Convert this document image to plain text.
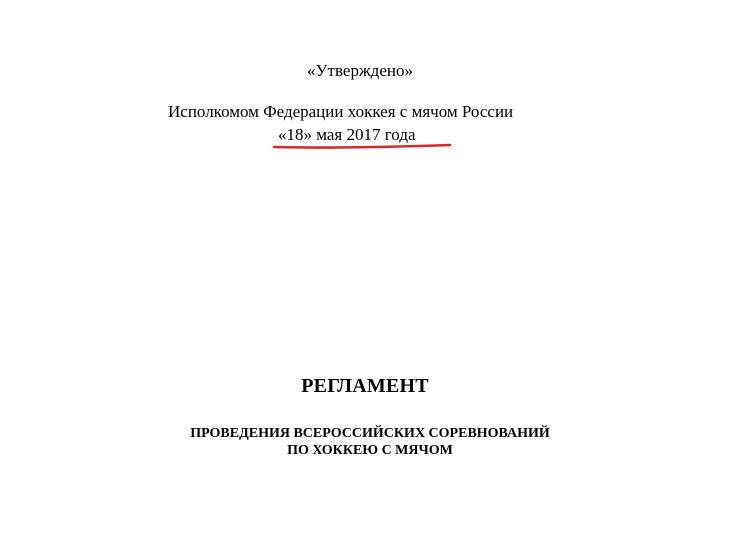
«Утверждено»
Исполкомом Федерации хоккея с мячом России
«18» мая 2017 года
РЕГЛАМЕНТ
ПРОВЕДЕНИЯ ВСЕРОССИЙСКИХ СОРЕВНОВАНИЙ
ПО ХОККЕЮ С МЯЧОМ
